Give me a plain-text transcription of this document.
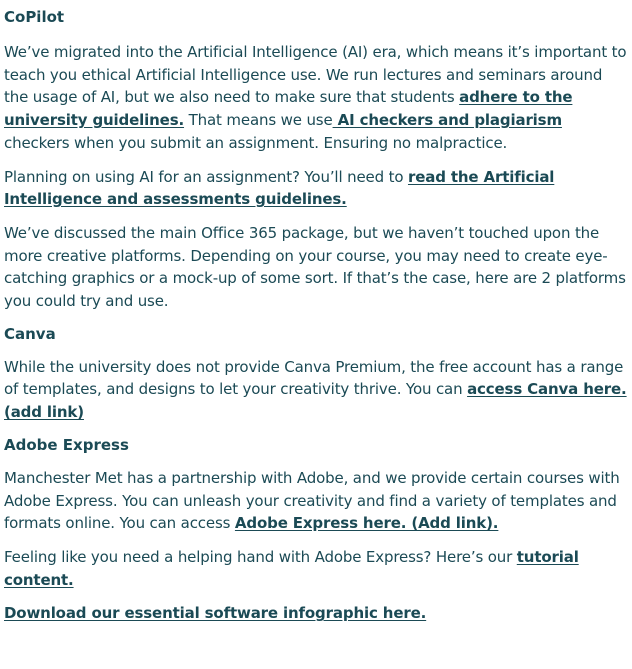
CoPilot

We’ve migrated into the Artificial Intelligence (AI) era, which means it’s important to teach you ethical Artificial Intelligence use. We run lectures and seminars around the usage of AI, but we also need to make sure that students adhere to the university guidelines. That means we use AI checkers and plagiarism checkers when you submit an assignment. Ensuring no malpractice.

Planning on using AI for an assignment? You’ll need to read the Artificial Intelligence and assessments guidelines.

We’ve discussed the main Office 365 package, but we haven’t touched upon the more creative platforms. Depending on your course, you may need to create eye-catching graphics or a mock-up of some sort. If that’s the case, here are 2 platforms you could try and use.

Canva

While the university does not provide Canva Premium, the free account has a range of templates, and designs to let your creativity thrive. You can access Canva here. (add link)

Adobe Express

Manchester Met has a partnership with Adobe, and we provide certain courses with Adobe Express. You can unleash your creativity and find a variety of templates and formats online. You can access Adobe Express here. (Add link).

Feeling like you need a helping hand with Adobe Express? Here’s our tutorial content.

Download our essential software infographic here.
